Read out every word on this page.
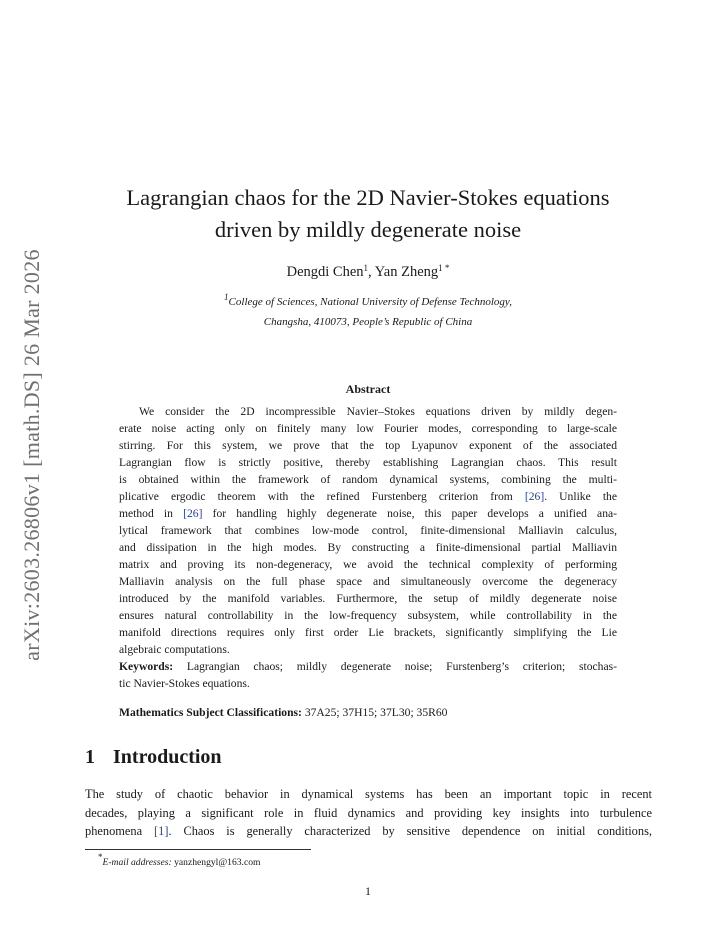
arXiv:2603.26806v1 [math.DS] 26 Mar 2026
Lagrangian chaos for the 2D Navier-Stokes equations
driven by mildly degenerate noise
Dengdi Chen$^1$, Yan Zheng$^{1 *}$
$^1$College of Sciences, National University of Defense Technology,
Changsha, 410073, People’s Republic of China
Abstract
We consider the 2D incompressible Navier–Stokes equations driven by mildly degen-
erate noise acting only on finitely many low Fourier modes, corresponding to large-scale
stirring. For this system, we prove that the top Lyapunov exponent of the associated
Lagrangian flow is strictly positive, thereby establishing Lagrangian chaos. This result
is obtained within the framework of random dynamical systems, combining the multi-
plicative ergodic theorem with the refined Furstenberg criterion from [26]. Unlike the
method in [26] for handling highly degenerate noise, this paper develops a unified ana-
lytical framework that combines low-mode control, finite-dimensional Malliavin calculus,
and dissipation in the high modes. By constructing a finite-dimensional partial Malliavin
matrix and proving its non-degeneracy, we avoid the technical complexity of performing
Malliavin analysis on the full phase space and simultaneously overcome the degeneracy
introduced by the manifold variables. Furthermore, the setup of mildly degenerate noise
ensures natural controllability in the low-frequency subsystem, while controllability in the
manifold directions requires only first order Lie brackets, significantly simplifying the Lie
algebraic computations.
Keywords: Lagrangian chaos; mildly degenerate noise; Furstenberg’s criterion; stochas-
tic Navier-Stokes equations.
Mathematics Subject Classifications: 37A25; 37H15; 37L30; 35R60
1 Introduction
The study of chaotic behavior in dynamical systems has been an important topic in recent
decades, playing a significant role in fluid dynamics and providing key insights into turbulence
phenomena [1]. Chaos is generally characterized by sensitive dependence on initial conditions,
*E-mail addresses: yanzhengyl@163.com
1
